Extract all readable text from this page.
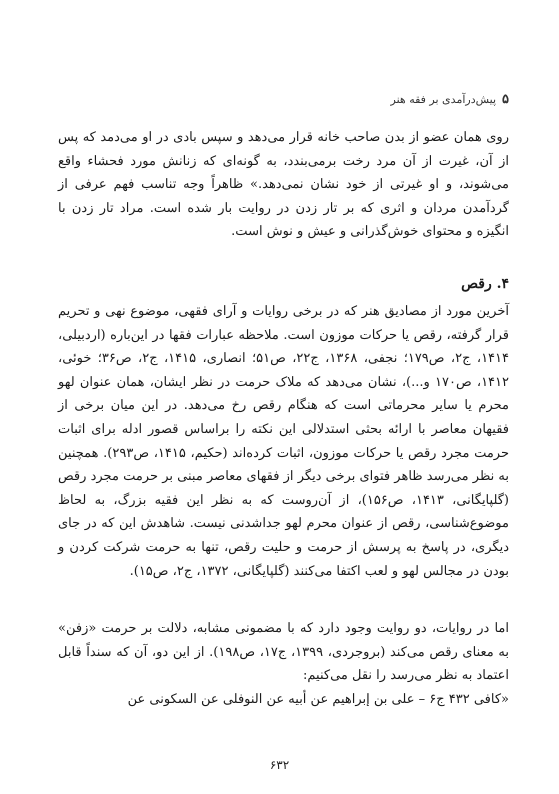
۵
پیش‌درآمدی بر فقه هنر

روی همان عضو از بدن صاحب خانه قرار می‌دهد و سپس بادی در او می‌دمد که پس از آن، غیرت از آن مرد رخت برمی‌بندد، به گونه‌ای که زنانش مورد فحشاء واقع می‌شوند، و او غیرتی از خود نشان نمی‌دهد.» ظاهراً وجه تناسب فهم عرفی از گردآمدن مردان و اثری که بر تار زدن در روایت بار شده است. مراد تار زدن با انگیزه و محتوای خوش‌گذرانی و عیش و نوش است.

۴. رقص

آخرین مورد از مصادیق هنر که در برخی روایات و آرای فقهی، موضوع نهی و تحریم قرار گرفته، رقص یا حرکات موزون است. ملاحظه عبارات فقها در این‌باره (اردبیلی، ۱۴۱۴، ج۲، ص۱۷۹؛ نجفی، ۱۳۶۸، ج۲۲، ص۵۱؛ انصاری، ۱۴۱۵، ج۲، ص۳۶؛ خوئی، ۱۴۱۲، ص۱۷۰ و...)، نشان می‌دهد که ملاک حرمت در نظر ایشان، همان عنوان لهو محرم یا سایر محرماتی است که هنگام رقص رخ می‌دهد. در این میان برخی از فقیهان معاصر با ارائه بحثی استدلالی این نکته را براساس قصور ادله برای اثبات حرمت مجرد رقص یا حرکات موزون، اثبات کرده‌اند (حکیم، ۱۴۱۵، ص۲۹۳). همچنین به نظر می‌رسد ظاهر فتوای برخی دیگر از فقهای معاصر مبنی بر حرمت مجرد رقص (گلپایگانی، ۱۴۱۳، ص۱۵۶)، از آن‌روست که به نظر این فقیه بزرگ، به لحاظ موضوع‌شناسی، رقص از عنوان محرم لهو جداشدنی نیست. شاهدش این که در جای دیگری، در پاسخ به پرسش از حرمت و حلیت رقص، تنها به حرمت شرکت کردن و بودن در مجالس لهو و لعب اکتفا می‌کنند (گلپایگانی، ۱۳۷۲، ج۲، ص۱۵).

اما در روایات، دو روایت وجود دارد که با مضمونی مشابه، دلالت بر حرمت «زفن» به معنای رقص می‌کند (بروجردی، ۱۳۹۹، ج۱۷، ص۱۹۸). از این دو، آن که سنداً قابل اعتماد به نظر می‌رسد را نقل می‌کنیم:

«کافی ۴۳۲ ج۶ – علی بن إبراهیم عن أبیه عن النوفلی عن السکونی عن

۶۳۲
